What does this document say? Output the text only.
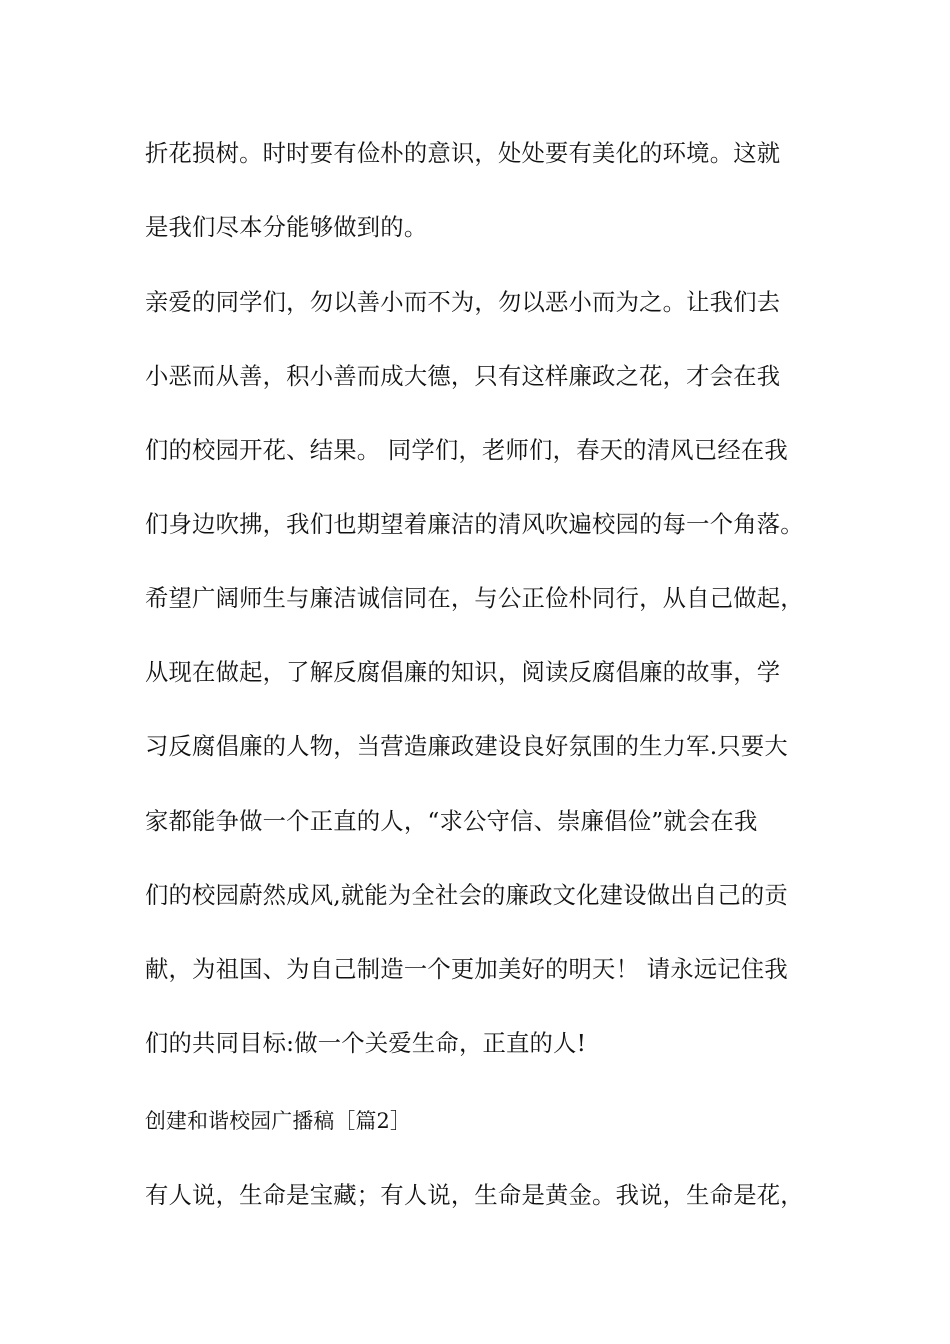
折花损树。时时要有俭朴的意识，处处要有美化的环境。这就
是我们尽本分能够做到的。
亲爱的同学们，勿以善小而不为，勿以恶小而为之。让我们去
小恶而从善，积小善而成大德，只有这样廉政之花，才会在我
们的校园开花、结果。 同学们，老师们，春天的清风已经在我
们身边吹拂，我们也期望着廉洁的清风吹遍校园的每一个角落。
希望广阔师生与廉洁诚信同在，与公正俭朴同行，从自己做起，
从现在做起，了解反腐倡廉的知识，阅读反腐倡廉的故事，学
习反腐倡廉的人物，当营造廉政建设良好氛围的生力军.只要大
家都能争做一个正直的人，“求公守信、崇廉倡俭”就会在我
们的校园蔚然成风,就能为全社会的廉政文化建设做出自己的贡
献，为祖国、为自己制造一个更加美好的明天！ 请永远记住我
们的共同目标:做一个关爱生命，正直的人!
创建和谐校园广播稿［篇2］
有人说，生命是宝藏；有人说，生命是黄金。我说，生命是花，
